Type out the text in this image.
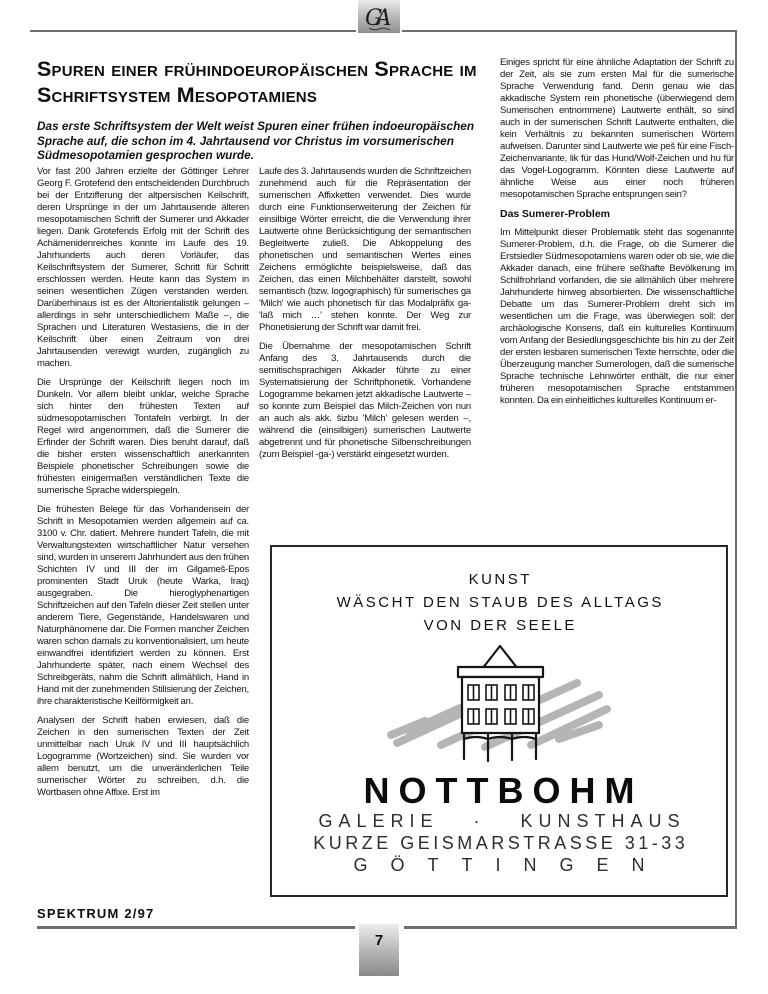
GA
Spuren einer frühindoeuropäischen Sprache im Schriftsystem Mesopotamiens

Das erste Schriftsystem der Welt weist Spuren einer frühen indoeuropäischen Sprache auf, die schon im 4. Jahrtausend vor Christus im vorsumerischen Südmesopotamien gesprochen wurde.

Vor fast 200 Jahren erzielte der Göttinger Lehrer Georg F. Grotefend den entscheidenden Durchbruch bei der Entzifferung der altpersischen Keilschrift, deren Ursprünge in der um Jahrtausende älteren mesopotamischen Schrift der Sumerer und Akkader liegen. Dank Grotefends Erfolg mit der Schrift des Achämenidenreiches konnte im Laufe des 19. Jahrhunderts auch deren Vorläufer, das Keilschriftsystem der Sumerer, Schritt für Schritt erschlossen werden. Heute kann das System in seinen wesentlichen Zügen verstanden werden. Darüberhinaus ist es der Altorientalistik gelungen – allerdings in sehr unterschiedlichem Maße –, die Sprachen und Literaturen Westasiens, die in der Keilschrift über einen Zeitraum von drei Jahrtausenden verewigt wurden, zugänglich zu machen.

Die Ursprünge der Keilschrift liegen noch im Dunkeln. Vor allem bleibt unklar, welche Sprache sich hinter den frühesten Texten auf südmesopotamischen Tontafeln verbirgt. In der Regel wird angenommen, daß die Sumerer die Erfinder der Schrift waren. Dies beruht darauf, daß die bisher ersten wissenschaftlich anerkannten Beispiele phonetischer Schreibungen sowie die frühesten einigermaßen verständlichen Texte die sumerische Sprache widerspiegeln.

Die frühesten Belege für das Vorhandensein der Schrift in Mesopotamien werden allgemein auf ca. 3100 v. Chr. datiert. Mehrere hundert Tafeln, die mit Verwaltungstexten wirtschaftlicher Natur versehen sind, wurden in unserem Jahrhundert aus den frühen Schichten IV und III der im Gilgameš-Epos prominenten Stadt Uruk (heute Warka, Iraq) ausgegraben. Die hieroglyphenartigen Schriftzeichen auf den Tafeln dieser Zeit stellen unter anderem Tiere, Gegenstände, Handelswaren und Naturphänomene dar. Die Formen mancher Zeichen waren schon damals zu konventionalisiert, um heute einwandfrei identifiziert werden zu können. Erst Jahrhunderte später, nach einem Wechsel des Schreibgeräts, nahm die Schrift allmählich, Hand in Hand mit der zunehmenden Stilisierung der Zeichen, ihre charakteristische Keilförmigkeit an.

Analysen der Schrift haben erwiesen, daß die Zeichen in den sumerischen Texten der Zeit unmittelbar nach Uruk IV und III hauptsächlich Logogramme (Wortzeichen) sind. Sie wurden vor allem benutzt, um die unveränderlichen Teile sumerischer Wörter zu schreiben, d.h. die Wortbasen ohne Affixe. Erst im

Laufe des 3. Jahrtausends wurden die Schriftzeichen zunehmend auch für die Repräsentation der sumerischen Affixketten verwendet. Dies wurde durch eine Funktionserweiterung der Zeichen für einsilbige Wörter erreicht, die die Verwendung ihrer Lautwerte ohne Berücksichtigung der semantischen Begleitwerte zuließ. Die Abkoppelung des phonetischen und semantischen Wertes eines Zeichens ermöglichte beispielsweise, daß das Zeichen, das einen Milchbehälter darstellt, sowohl semantisch (bzw. logographisch) für sumerisches ga 'Milch' wie auch phonetisch für das Modalpräfix ga- 'laß mich …' stehen konnte. Der Weg zur Phonetisierung der Schrift war damit frei.

Die Übernahme der mesopotamischen Schrift Anfang des 3. Jahrtausends durch die semitischsprachigen Akkader führte zu einer Systematisierung der Schriftphonetik. Vorhandene Logogramme bekamen jetzt akkadische Lautwerte – so konnte zum Beispiel das Milch-Zeichen von nun an auch als akk. šizbu 'Milch' gelesen werden –, während die (einsilbigen) sumerischen Lautwerte abgetrennt und für phonetische Silbenschreibungen (zum Beispiel -ga-) verstärkt eingesetzt wurden.

Einiges spricht für eine ähnliche Adaptation der Schrift zu der Zeit, als sie zum ersten Mal für die sumerische Sprache Verwendung fand. Denn genau wie das akkadische System rein phonetische (überwiegend dem Sumerischen entnommene) Lautwerte enthält, so sind auch in der sumerischen Schrift Lautwerte enthalten, die kein Verhältnis zu bekannten sumerischen Wörtern aufweisen. Darunter sind Lautwerte wie peš für eine Fisch-Zeichenvariante, lik für das Hund/Wolf-Zeichen und hu für das Vogel-Logogramm. Könnten diese Lautwerte auf ähnliche Weise aus einer noch früheren mesopotamischen Sprache entsprungen sein?

Das Sumerer-Problem

Im Mittelpunkt dieser Problematik steht das sogenannte Sumerer-Problem, d.h. die Frage, ob die Sumerer die Erstsiedler Südmesopotamiens waren oder ob sie, wie die Akkader danach, eine frühere seßhafte Bevölkerung im Schilfrohrland vorfanden, die sie allmählich über mehrere Jahrhunderte hinweg absorbierten. Die wissenschaftliche Debatte um das Sumerer-Problem dreht sich im wesentlichen um die Frage, was überwiegen soll: der archäologische Konsens, daß ein kulturelles Kontinuum vom Anfang der Besiedlungsgeschichte bis hin zu der Zeit der ersten lesbaren sumerischen Texte herrschte, oder die Überzeugung mancher Sumerologen, daß die sumerische Sprache technische Lehnwörter enthält, die nur einer früheren mesopotamischen Sprache entstammen konnten. Da ein einheitliches kulturelles Kontinuum er-

KUNST
WÄSCHT DEN STAUB DES ALLTAGS
VON DER SEELE
NOTTBOHM
GALERIE · KUNSTHAUS
KURZE GEISMARSTRASSE 31-33
GÖTTINGEN
SPEKTRUM 2/97
7
